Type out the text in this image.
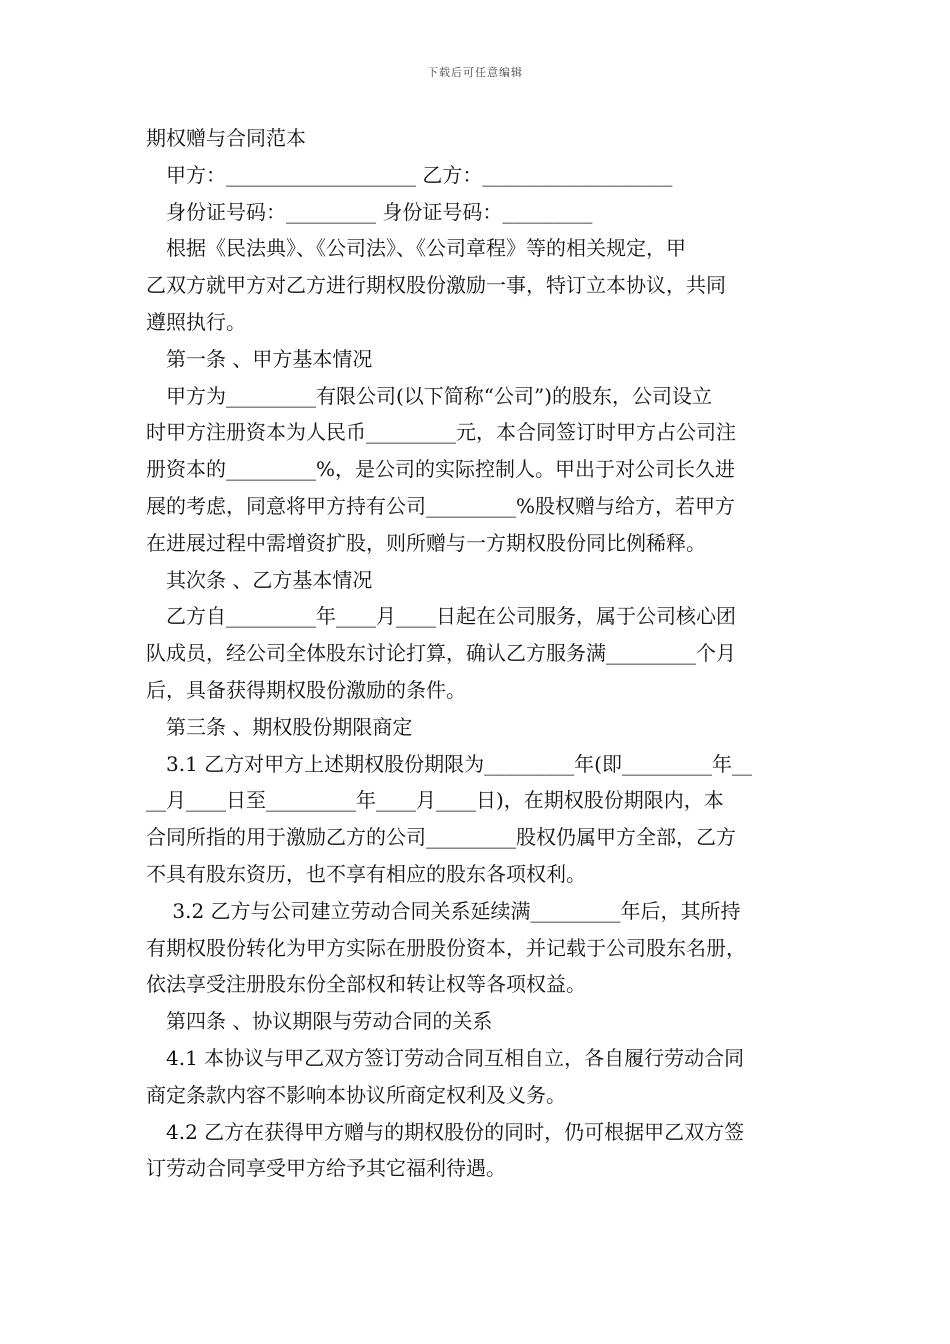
下载后可任意编辑
期权赠与合同范本
　甲方：___________________ 乙方：___________________
　身份证号码：_________ 身份证号码：_________
　根据《民法典》、《公司法》、《公司章程》等的相关规定，甲
乙双方就甲方对乙方进行期权股份激励一事，特订立本协议，共同
遵照执行。
　第一条 、甲方基本情况
　甲方为_________有限公司(以下简称“公司”)的股东，公司设立
时甲方注册资本为人民币_________元，本合同签订时甲方占公司注
册资本的_________%，是公司的实际控制人。甲出于对公司长久进
展的考虑，同意将甲方持有公司_________%股权赠与给方，若甲方
在进展过程中需增资扩股，则所赠与一方期权股份同比例稀释。
　其次条 、乙方基本情况
　乙方自_________年____月____日起在公司服务，属于公司核心团
队成员，经公司全体股东讨论打算，确认乙方服务满_________个月
后，具备获得期权股份激励的条件。
　第三条 、期权股份期限商定
　3.1 乙方对甲方上述期权股份期限为_________年(即_________年__
__月____日至_________年____月____日)，在期权股份期限内，本
合同所指的用于激励乙方的公司_________股权仍属甲方全部，乙方
不具有股东资历，也不享有相应的股东各项权利。
　 3.2 乙方与公司建立劳动合同关系延续满_________年后，其所持
有期权股份转化为甲方实际在册股份资本，并记载于公司股东名册，
依法享受注册股东份全部权和转让权等各项权益。
　第四条 、协议期限与劳动合同的关系
　4.1 本协议与甲乙双方签订劳动合同互相自立，各自履行劳动合同
商定条款内容不影响本协议所商定权利及义务。
　4.2 乙方在获得甲方赠与的期权股份的同时，仍可根据甲乙双方签
订劳动合同享受甲方给予其它福利待遇。
